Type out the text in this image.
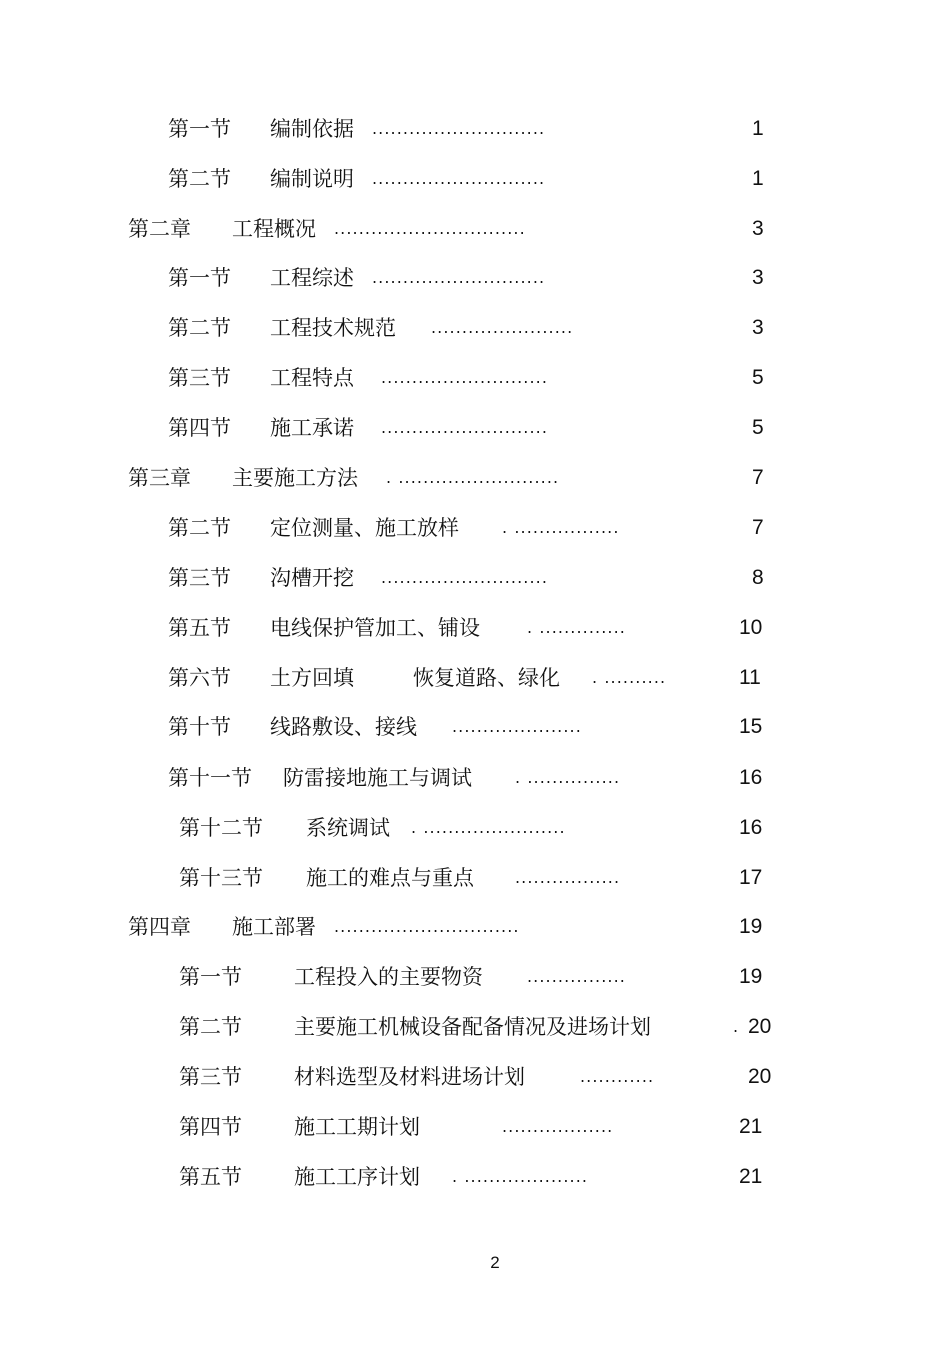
第一节 编制依据 ............................	1
第二节 编制说明 ............................	1
第二章 工程概况 ...............................	3
第一节 工程综述 ............................	3
第二节 工程技术规范 .......................	3
第三节 工程特点 ...........................	5
第四节 施工承诺 ...........................	5
第三章 主要施工方法 . ..........................	7
第二节 定位测量、施工放样	. .................	7
第三节 沟槽开挖 ...........................	8
第五节 电线保护管加工、铺设	. ..............	10
第六节 土方回填	恢复道路、绿化 . ..........	11
第十节 线路敷设、接线 .....................	15
第十一节 防雷接地施工与调试	. ...............	16
第十二节 系统调试 . .......................	16
第十三节 施工的难点与重点	.................	17
第四章 施工部署 ..............................	19
第一节 工程投入的主要物资	................	19
第二节 主要施工机械设备配备情况及进场计划	. 20
第三节 材料选型及材料进场计划	............	20
第四节 施工工期计划	..................	21
第五节 施工工序计划 . ....................	21
2
